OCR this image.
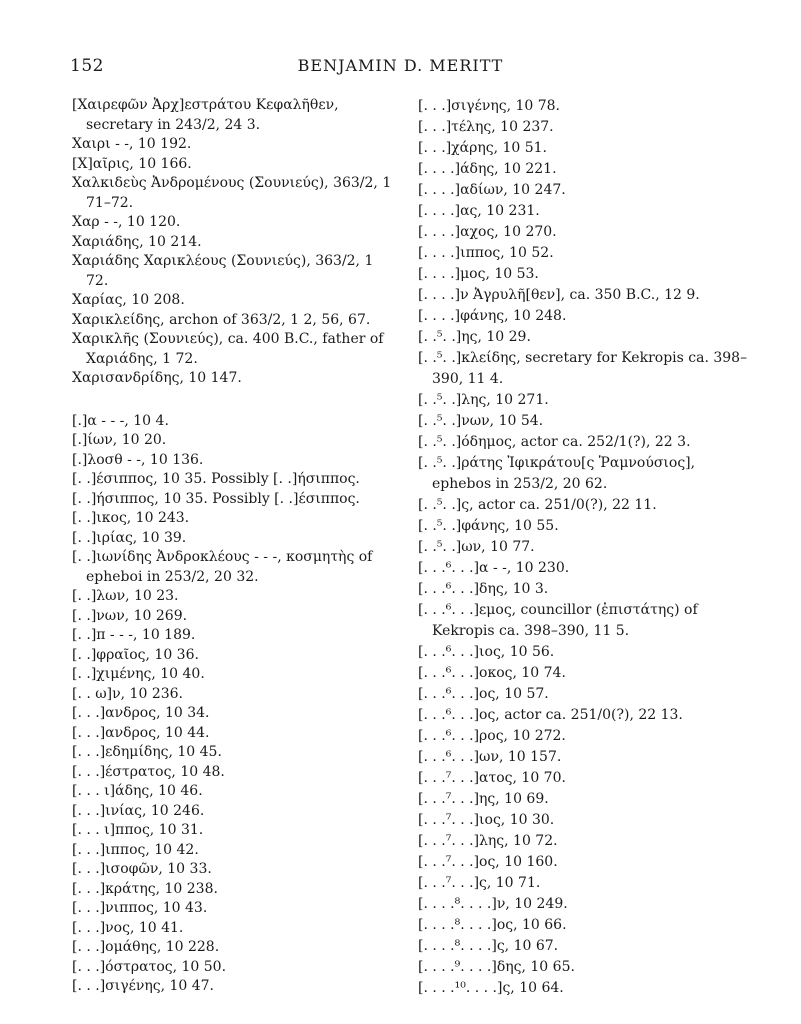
152	BENJAMIN D. MERITT

[Χαιρεφῶν Ἀρχ]εστράτου Κεφαλῆθεν, secretary in 243/2, 24 3.

Χαιρι - -, 10 192.

[Χ]αῖρις, 10 166.

Χαλκιδεὺς Ἀνδρομένους (Σουνιεύς), 363/2, 1 71–72.

Χαρ - -, 10 120.

Χαριάδης, 10 214.

Χαριάδης Χαρικλέους (Σουνιεύς), 363/2, 1 72.

Χαρίας, 10 208.

Χαρικλείδης, archon of 363/2, 1 2, 56, 67.

Χαρικλῆς (Σουνιεύς), ca. 400 B.C., father of Χαριάδης, 1 72.

Χαρισανδρίδης, 10 147.

[.]α - - -, 10 4.

[.]ίων, 10 20.

[.]λοσθ - -, 10 136.

[. .]έσιππος, 10 35. Possibly [. .]ήσιππος.

[. .]ήσιππος, 10 35. Possibly [. .]έσιππος.

[. .]ικος, 10 243.

[. .]ιρίας, 10 39.

[. .]ιωνίδης Ἀνδροκλέους - - -, κοσμητὴς of epheboi in 253/2, 20 32.

[. .]λων, 10 23.

[. .]νων, 10 269.

[. .]π - - -, 10 189.

[. .]φραῖος, 10 36.

[. .]χιμένης, 10 40.

[. . ω]ν, 10 236.

[. . .]ανδρος, 10 34.

[. . .]ανδρος, 10 44.

[. . .]εδημίδης, 10 45.

[. . .]έστρατος, 10 48.

[. . . ι]άδης, 10 46.

[. . .]ινίας, 10 246.

[. . . ι]ππος, 10 31.

[. . .]ιππος, 10 42.

[. . .]ισοφῶν, 10 33.

[. . .]κράτης, 10 238.

[. . .]νιππος, 10 43.

[. . .]νος, 10 41.

[. . .]ομάθης, 10 228.

[. . .]όστρατος, 10 50.

[. . .]σιγένης, 10 47.

[. . .]σιγένης, 10 78.

[. . .]τέλης, 10 237.

[. . .]χάρης, 10 51.

[. . . .]άδης, 10 221.

[. . . .]αδίων, 10 247.

[. . . .]ας, 10 231.

[. . . .]αχος, 10 270.

[. . . .]ιππος, 10 52.

[. . . .]μος, 10 53.

[. . . .]ν Ἀγρυλῆ[θεν], ca. 350 B.C., 12 9.

[. . . .]φάνης, 10 248.

[. .⁵. .]ης, 10 29.

[. .⁵. .]κλείδης, secretary for Kekropis ca. 398–390, 11 4.

[. .⁵. .]λης, 10 271.

[. .⁵. .]νων, 10 54.

[. .⁵. .]όδημος, actor ca. 252/1(?), 22 3.

[. .⁵. .]ράτης Ἰφικράτου[ς Ῥαμνούσιος], ephebos in 253/2, 20 62.

[. .⁵. .]ς, actor ca. 251/0(?), 22 11.

[. .⁵. .]φάνης, 10 55.

[. .⁵. .]ων, 10 77.

[. . .⁶. . .]α - -, 10 230.

[. . .⁶. . .]δης, 10 3.

[. . .⁶. . .]εμος, councillor (ἐπιστάτης) of Kekropis ca. 398–390, 11 5.

[. . .⁶. . .]ιος, 10 56.

[. . .⁶. . .]οκος, 10 74.

[. . .⁶. . .]ος, 10 57.

[. . .⁶. . .]ος, actor ca. 251/0(?), 22 13.

[. . .⁶. . .]ρος, 10 272.

[. . .⁶. . .]ων, 10 157.

[. . .⁷. . .]ατος, 10 70.

[. . .⁷. . .]ης, 10 69.

[. . .⁷. . .]ιος, 10 30.

[. . .⁷. . .]λης, 10 72.

[. . .⁷. . .]ος, 10 160.

[. . .⁷. . .]ς, 10 71.

[. . . .⁸. . . .]ν, 10 249.

[. . . .⁸. . . .]ος, 10 66.

[. . . .⁸. . . .]ς, 10 67.

[. . . .⁹. . . .]δης, 10 65.

[. . . .¹⁰. . . .]ς, 10 64.
